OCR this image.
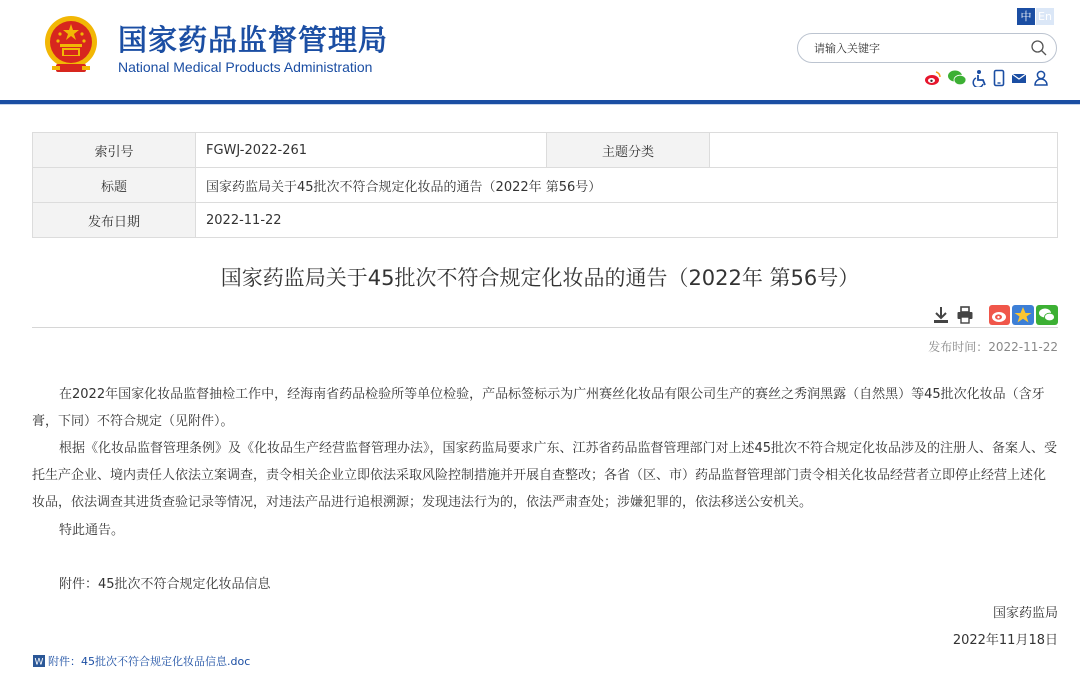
国家药品监督管理局
National Medical Products Administration
中 En
请输入关键字
索引号	FGWJ-2022-261	主题分类	
标题	国家药监局关于45批次不符合规定化妆品的通告（2022年 第56号）		
发布日期	2022-11-22		
国家药监局关于45批次不符合规定化妆品的通告（2022年 第56号）
发布时间：2022-11-22
在2022年国家化妆品监督抽检工作中，经海南省药品检验所等单位检验，产品标签标示为广州赛丝化妆品有限公司生产的赛丝之秀润黑露（自然黑）等45批次化妆品（含牙膏，下同）不符合规定（见附件）。
根据《化妆品监督管理条例》及《化妆品生产经营监督管理办法》，国家药监局要求广东、江苏省药品监督管理部门对上述45批次不符合规定化妆品涉及的注册人、备案人、受托生产企业、境内责任人依法立案调查，责令相关企业立即依法采取风险控制措施并开展自查整改；各省（区、市）药品监督管理部门责令相关化妆品经营者立即停止经营上述化妆品，依法调查其进货查验记录等情况，对违法产品进行追根溯源；发现违法行为的，依法严肃查处；涉嫌犯罪的，依法移送公安机关。
特此通告。
附件：45批次不符合规定化妆品信息
国家药监局
2022年11月18日
W 附件：45批次不符合规定化妆品信息.doc
